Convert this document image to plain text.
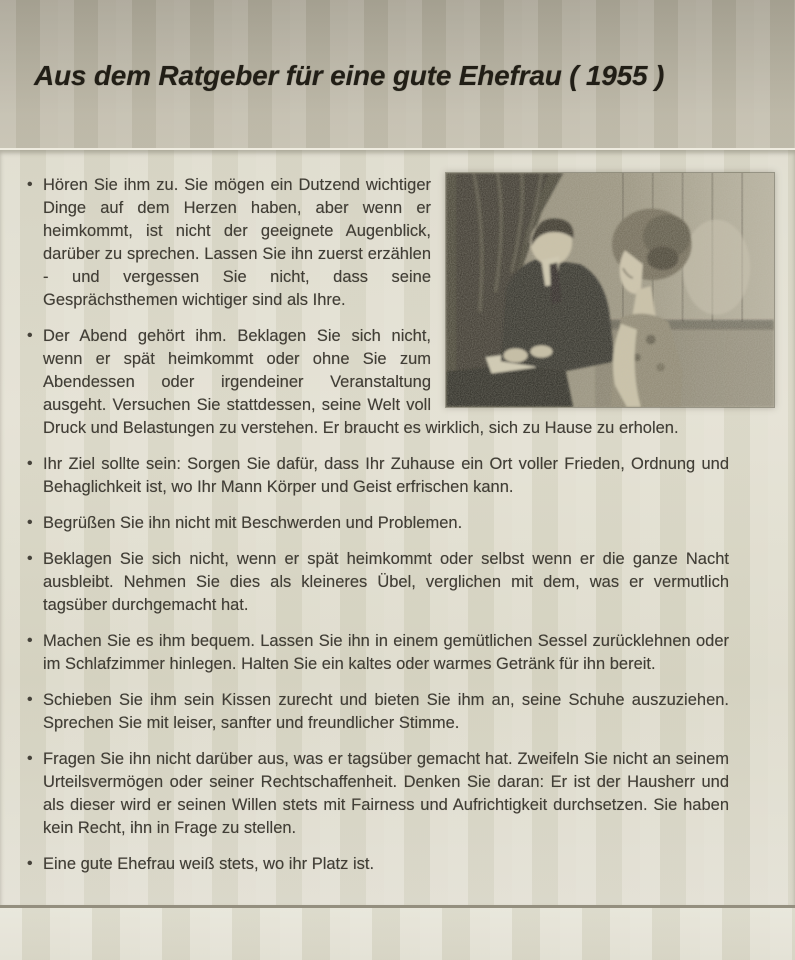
Aus dem Ratgeber für eine gute Ehefrau ( 1955 )
• Hören Sie ihm zu. Sie mögen ein Dutzend wichtiger Dinge auf dem Herzen haben, aber wenn er heimkommt, ist nicht der geeignete Augenblick, darüber zu sprechen. Lassen Sie ihn zuerst erzählen - und vergessen Sie nicht, dass seine Gesprächsthemen wichtiger sind als Ihre.
• Der Abend gehört ihm. Beklagen Sie sich nicht, wenn er spät heimkommt oder ohne Sie zum Abendessen oder irgendeiner Veranstaltung ausgeht. Versuchen Sie stattdessen, seine Welt voll Druck und Belastungen zu verstehen. Er braucht es wirklich, sich zu Hause zu erholen.
• Ihr Ziel sollte sein: Sorgen Sie dafür, dass Ihr Zuhause ein Ort voller Frieden, Ordnung und Behaglichkeit ist, wo Ihr Mann Körper und Geist erfrischen kann.
• Begrüßen Sie ihn nicht mit Beschwerden und Problemen.
• Beklagen Sie sich nicht, wenn er spät heimkommt oder selbst wenn er die ganze Nacht ausbleibt. Nehmen Sie dies als kleineres Übel, verglichen mit dem, was er vermutlich tagsüber durchgemacht hat.
• Machen Sie es ihm bequem. Lassen Sie ihn in einem gemütlichen Sessel zurücklehnen oder im Schlafzimmer hinlegen. Halten Sie ein kaltes oder warmes Getränk für ihn bereit.
• Schieben Sie ihm sein Kissen zurecht und bieten Sie ihm an, seine Schuhe auszuziehen. Sprechen Sie mit leiser, sanfter und freundlicher Stimme.
• Fragen Sie ihn nicht darüber aus, was er tagsüber gemacht hat. Zweifeln Sie nicht an seinem Urteilsvermögen oder seiner Rechtschaffenheit. Denken Sie daran: Er ist der Hausherr und als dieser wird er seinen Willen stets mit Fairness und Aufrichtigkeit durchsetzen. Sie haben kein Recht, ihn in Frage zu stellen.
• Eine gute Ehefrau weiß stets, wo ihr Platz ist.
